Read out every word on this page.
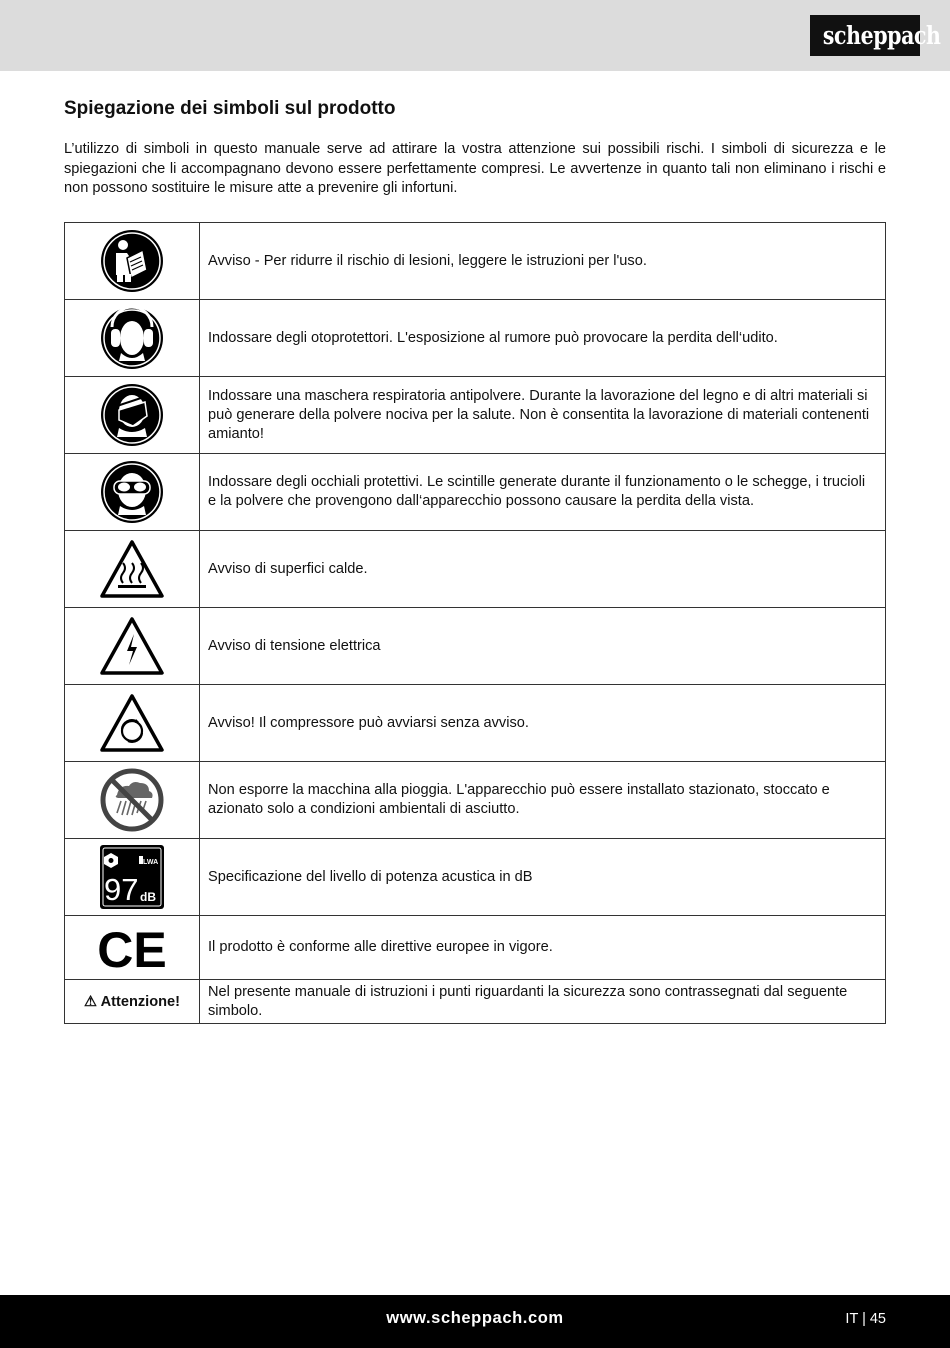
scheppach
Spiegazione dei simboli sul prodotto

L’utilizzo di simboli in questo manuale serve ad attirare la vostra attenzione sui possibili rischi. I simboli di sicurezza e le spiegazioni che li accompagnano devono essere perfettamente compresi. Le avvertenze in quanto tali non eliminano i rischi e non possono sostituire le misure atte a prevenire gli infortuni.

	Avviso - Per ridurre il rischio di lesioni, leggere le istruzioni per l'uso.

	Indossare degli otoprotettori. L'esposizione al rumore può provocare la perdita dell‘udito.

	Indossare una maschera respiratoria antipolvere. Durante la lavorazione del legno e di altri materiali si può generare della polvere nociva per la salute. Non è consentita la lavorazione di materiali contenenti amianto!

	Indossare degli occhiali protettivi. Le scintille generate durante il funzionamento o le schegge, i trucioli e la polvere che provengono dall‘apparecchio possono causare la perdita della vista.

	Avviso di superfici calde.

	Avviso di tensione elettrica

	Avviso! Il compressore può avviarsi senza avviso.

	Non esporre la macchina alla pioggia. L'apparecchio può essere installato stazionato, stoccato e azionato solo a condizioni ambientali di asciutto.

LWA
97 dB	Specificazione del livello di potenza acustica in dB

CE	Il prodotto è conforme alle direttive europee in vigore.
⚠ Attenzione!	Nel presente manuale di istruzioni i punti riguardanti la sicurezza sono contrassegnati dal seguente simbolo.
www.scheppach.com	IT | 45
